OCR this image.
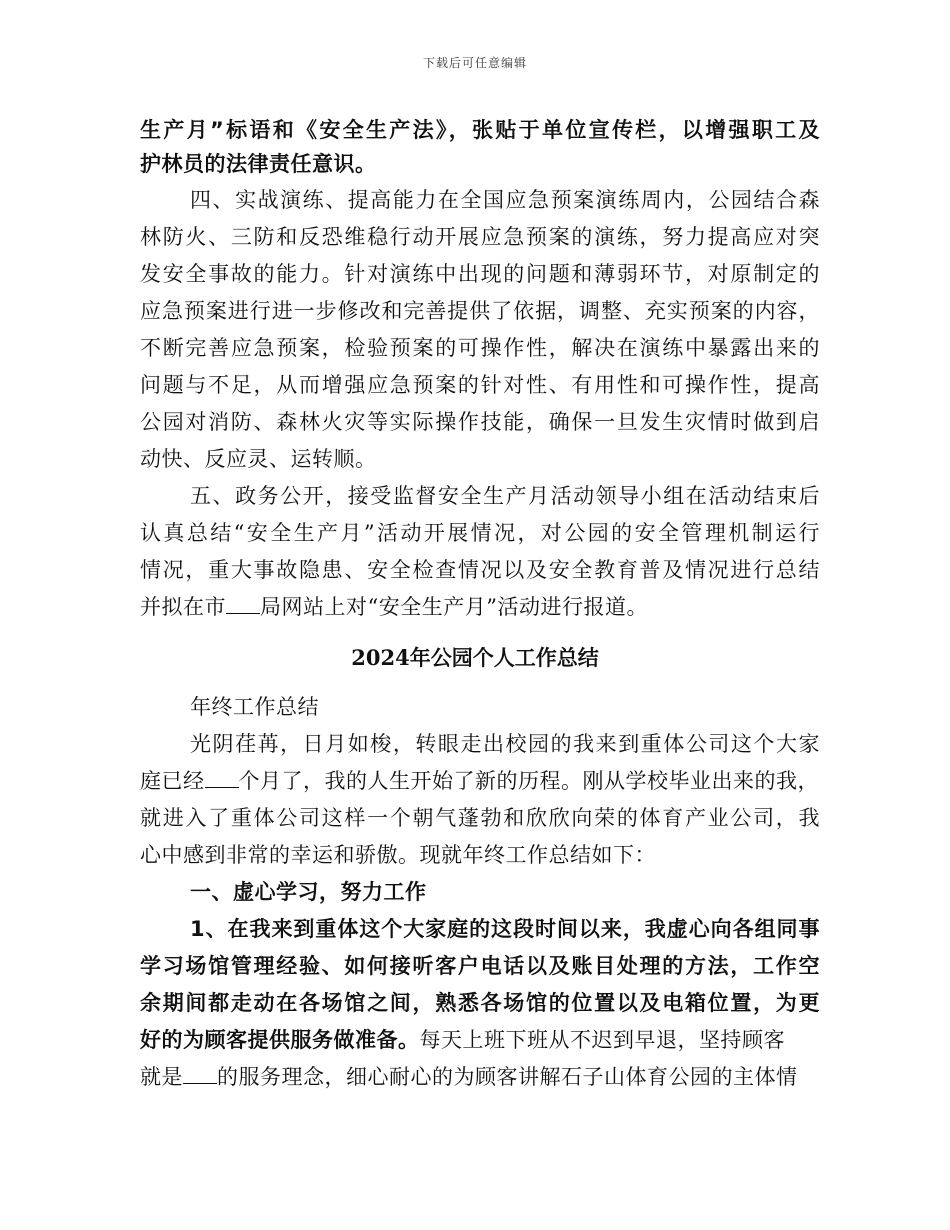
下载后可任意编辑
生产月”标语和《安全生产法》，张贴于单位宣传栏，以增强职工及
护林员的法律责任意识。
四、实战演练、提高能力在全国应急预案演练周内，公园结合森
林防火、三防和反恐维稳行动开展应急预案的演练，努力提高应对突
发安全事故的能力。针对演练中出现的问题和薄弱环节，对原制定的
应急预案进行进一步修改和完善提供了依据，调整、充实预案的内容，
不断完善应急预案，检验预案的可操作性，解决在演练中暴露出来的
问题与不足，从而增强应急预案的针对性、有用性和可操作性，提高
公园对消防、森林火灾等实际操作技能，确保一旦发生灾情时做到启
动快、反应灵、运转顺。
五、政务公开，接受监督安全生产月活动领导小组在活动结束后
认真总结“安全生产月”活动开展情况，对公园的安全管理机制运行
情况，重大事故隐患、安全检查情况以及安全教育普及情况进行总结
并拟在市 局网站上对“安全生产月”活动进行报道。
2024年公园个人工作总结
年终工作总结
光阴荏苒，日月如梭，转眼走出校园的我来到重体公司这个大家
庭已经 个月了，我的人生开始了新的历程。刚从学校毕业出来的我，
就进入了重体公司这样一个朝气蓬勃和欣欣向荣的体育产业公司，我
心中感到非常的幸运和骄傲。现就年终工作总结如下：
一、虚心学习，努力工作
1、在我来到重体这个大家庭的这段时间以来，我虚心向各组同事
学习场馆管理经验、如何接听客户电话以及账目处理的方法，工作空
余期间都走动在各场馆之间，熟悉各场馆的位置以及电箱位置，为更
好的为顾客提供服务做准备。每天上班下班从不迟到早退，坚持顾客
就是 的服务理念，细心耐心的为顾客讲解石子山体育公园的主体情
